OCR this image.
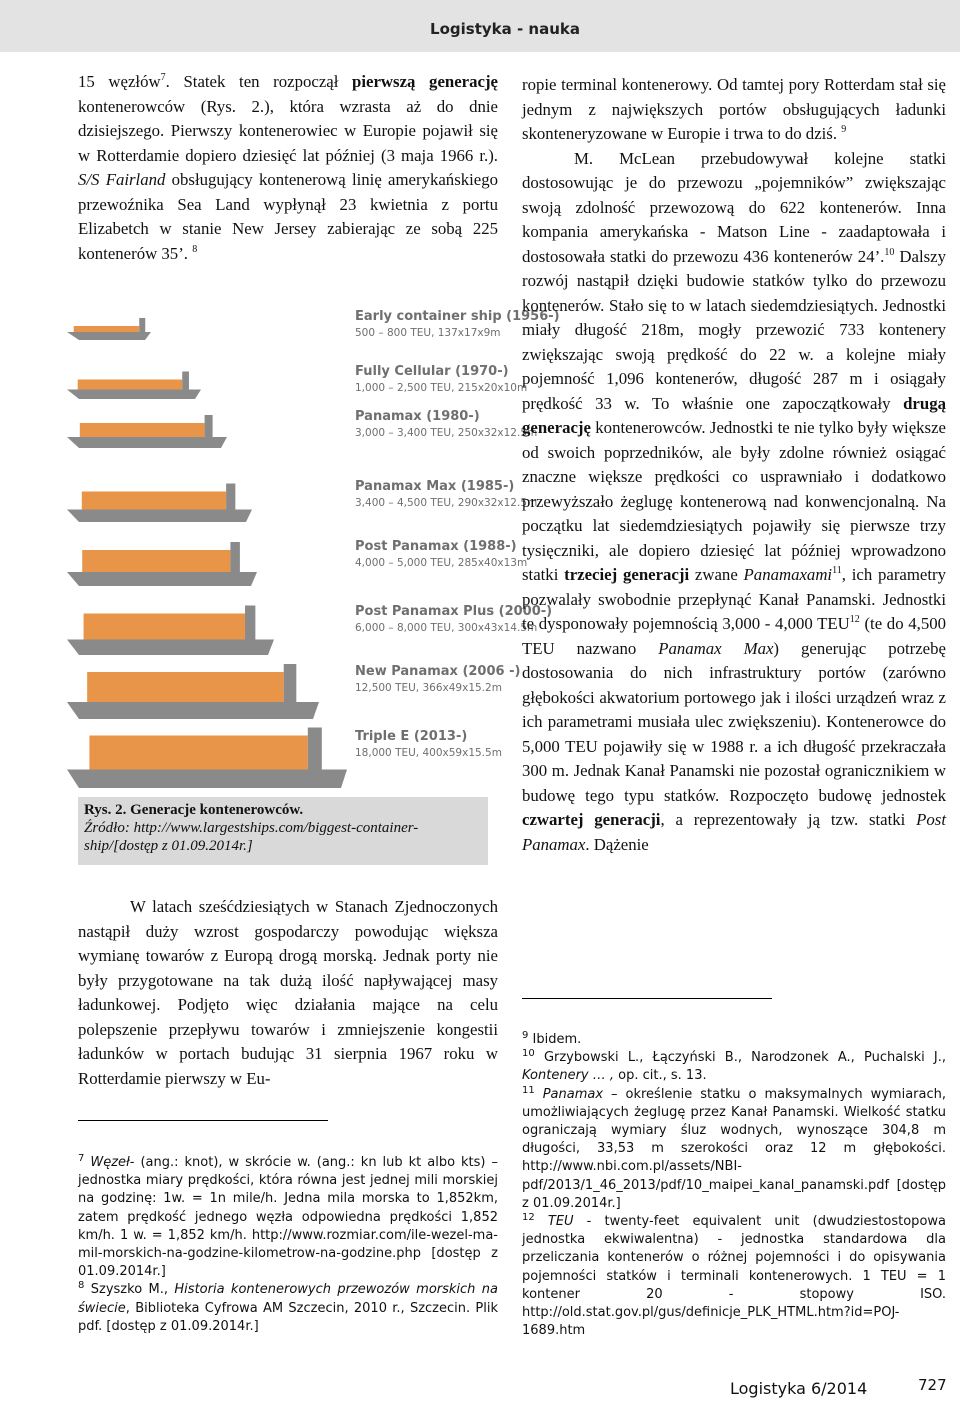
Logistyka - nauka

15 węzłów$^7$. Statek ten rozpoczął pierwszą generację kontenerowców (Rys. 2.), która wzrasta aż do dnie dzisiejszego. Pierwszy kontenerowiec w Europie pojawił się w Rotterdamie dopiero dziesięć lat później (3 maja 1966 r.). S/S Fairland obsługujący kontenerową linię amerykańskiego przewoźnika Sea Land wypłynął 23 kwietnia z portu Elizabetch w stanie New Jersey zabierając ze sobą 225 kontenerów 35’. $^8$

Early container ship (1956-)
500 – 800 TEU, 137x17x9m
Fully Cellular (1970-)
1,000 – 2,500 TEU, 215x20x10m
Panamax (1980-)
3,000 – 3,400 TEU, 250x32x12.5m
Panamax Max (1985-)
3,400 – 4,500 TEU, 290x32x12.5m
Post Panamax (1988-)
4,000 – 5,000 TEU, 285x40x13m
Post Panamax Plus (2000-)
6,000 – 8,000 TEU, 300x43x14.5m
New Panamax (2006 -)
12,500 TEU, 366x49x15.2m
Triple E (2013-)
18,000 TEU, 400x59x15.5m
Rys. 2. Generacje kontenerowców.
Źródło: http://www.largestships.com/biggest-container-ship/[dostęp z 01.09.2014r.]

W latach sześćdziesiątych w Stanach Zjednoczonych nastąpił duży wzrost gospodarczy powodując większa wymianę towarów z Europą drogą morską. Jednak porty nie były przygotowane na tak dużą ilość napływającej masy ładunkowej. Podjęto więc działania mające na celu polepszenie przepływu towarów i zmniejszenie kongestii ładunków w portach budując 31 sierpnia 1967 roku w Rotterdamie pierwszy w Eu-

$^7$ Węzeł- (ang.: knot), w skrócie w. (ang.: kn lub kt albo kts) – jednostka miary prędkości, która równa jest jednej mili morskiej na godzinę: 1w. = 1n mile/h. Jedna mila morska to 1,852km, zatem prędkość jednego węzła odpowiedna prędkości 1,852 km/h. 1 w. = 1,852 km/h. http://www.rozmiar.com/ile-wezel-ma-mil-morskich-na-godzine-kilometrow-na-godzine.php [dostęp z 01.09.2014r.]

$^8$ Szyszko M., Historia kontenerowych przewozów morskich na świecie, Biblioteka Cyfrowa AM Szczecin, 2010 r., Szczecin. Plik pdf. [dostęp z 01.09.2014r.]

ropie terminal kontenerowy. Od tamtej pory Rotterdam stał się jednym z największych portów obsługujących ładunki skonteneryzowane w Europie i trwa to do dziś. $^9$

M. McLean przebudowywał kolejne statki dostosowując je do przewozu „pojemników” zwiększając swoją zdolność przewozową do 622 kontenerów. Inna kompania amerykańska - Matson Line - zaadaptowała i dostosowała statki do przewozu 436 kontenerów 24’.$^{10}$ Dalszy rozwój nastąpił dzięki budowie statków tylko do przewozu kontenerów. Stało się to w latach siedemdziesiątych. Jednostki miały długość 218m, mogły przewozić 733 kontenery zwiększając swoją prędkość do 22 w. a kolejne miały pojemność 1,096 kontenerów, długość 287 m i osiągały prędkość 33 w. To właśnie one zapoczątkowały drugą generację kontenerowców. Jednostki te nie tylko były większe od swoich poprzedników, ale były zdolne również osiągać znaczne większe prędkości co usprawniało i dodatkowo przewyższało żeglugę kontenerową nad konwencjonalną. Na początku lat siedemdziesiątych pojawiły się pierwsze trzy tysięczniki, ale dopiero dziesięć lat później wprowadzono statki trzeciej generacji zwane Panamaxami$^{11}$, ich parametry pozwalały swobodnie przepłynąć Kanał Panamski. Jednostki te dysponowały pojemnością 3,000 - 4,000 TEU$^{12}$ (te do 4,500 TEU nazwano Panamax Max) generując potrzebę dostosowania do nich infrastruktury portów (zarówno głębokości akwatorium portowego jak i ilości urządzeń wraz z ich parametrami musiała ulec zwiększeniu). Kontenerowce do 5,000 TEU pojawiły się w 1988 r. a ich długość przekraczała 300 m. Jednak Kanał Panamski nie pozostał ogranicznikiem w budowę tego typu statków. Rozpoczęto budowę jednostek czwartej generacji, a reprezentowały ją tzw. statki Post Panamax. Dążenie

$^9$ Ibidem.

$^{10}$ Grzybowski L., Łączyński B., Narodzonek A., Puchalski J., Kontenery … , op. cit., s. 13.

$^{11}$ Panamax – określenie statku o maksymalnych wymiarach, umożliwiających żeglugę przez Kanał Panamski. Wielkość statku ograniczają wymiary śluz wodnych, wynoszące 304,8 m długości, 33,53 m szerokości oraz 12 m głębokości. http://www.nbi.com.pl/assets/NBI-pdf/2013/1_46_2013/pdf/10_maipei_kanal_panamski.pdf [dostęp z 01.09.2014r.]

$^{12}$ TEU - twenty-feet equivalent unit (dwudziestostopowa jednostka ekwiwalentna) - jednostka standardowa dla przeliczania kontenerów o różnej pojemności i do opisywania pojemności statków i terminali kontenerowych. 1 TEU = 1 kontener 20 - stopowy ISO. http://old.stat.gov.pl/gus/definicje_PLK_HTML.htm?id=POJ-1689.htm

Logistyka 6/2014	727
